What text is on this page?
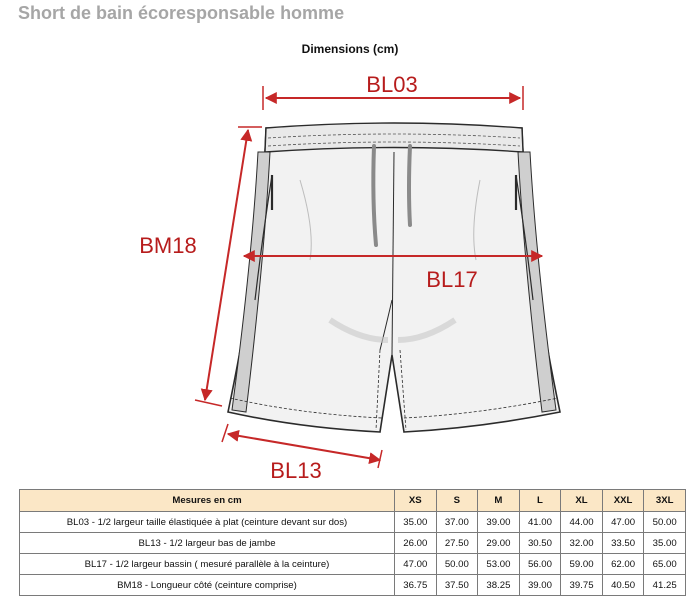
Short de bain écoresponsable homme
Dimensions (cm)
BL03
BM18
BL17
BL13
Mesures en cm	XS	S	M	L	XL	XXL	3XL
BL03 - 1/2 largeur taille élastiquée à plat (ceinture devant sur dos)	35.00	37.00	39.00	41.00	44.00	47.00	50.00
BL13 - 1/2 largeur bas de jambe	26.00	27.50	29.00	30.50	32.00	33.50	35.00
BL17 - 1/2 largeur bassin ( mesuré parallèle à la ceinture)	47.00	50.00	53.00	56.00	59.00	62.00	65.00
BM18 - Longueur côté (ceinture comprise)	36.75	37.50	38.25	39.00	39.75	40.50	41.25
